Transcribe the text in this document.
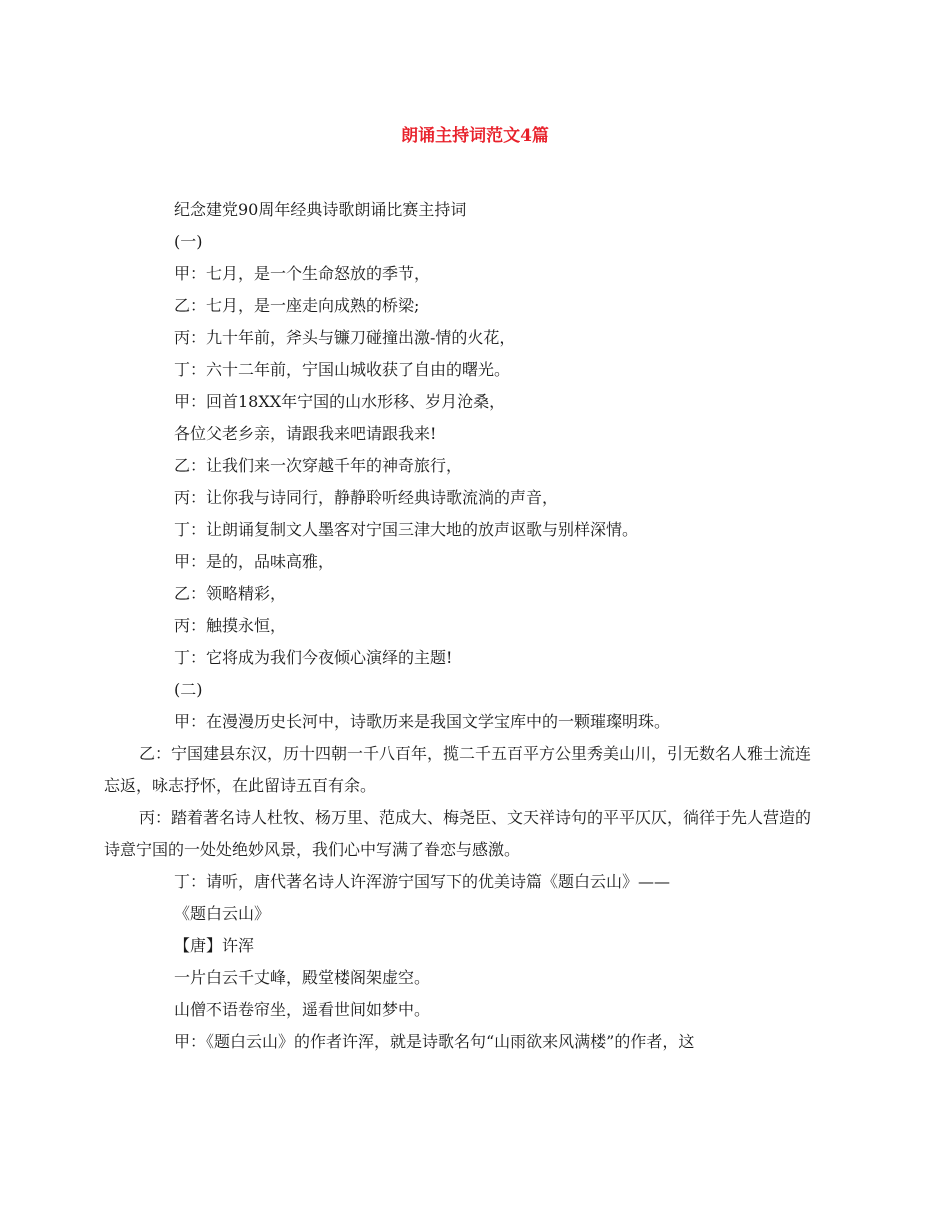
朗诵主持词范文4篇

纪念建党90周年经典诗歌朗诵比赛主持词

(一)

甲：七月，是一个生命怒放的季节，

乙：七月，是一座走向成熟的桥梁;

丙：九十年前，斧头与镰刀碰撞出激-情的火花，

丁：六十二年前，宁国山城收获了自由的曙光。

甲：回首18XX年宁国的山水形移、岁月沧桑，

各位父老乡亲，请跟我来吧请跟我来!

乙：让我们来一次穿越千年的神奇旅行，

丙：让你我与诗同行，静静聆听经典诗歌流淌的声音，

丁：让朗诵复制文人墨客对宁国三津大地的放声讴歌与别样深情。

甲：是的，品味高雅，

乙：领略精彩，

丙：触摸永恒，

丁：它将成为我们今夜倾心演绎的主题!

(二)

甲：在漫漫历史长河中，诗歌历来是我国文学宝库中的一颗璀璨明珠。

乙：宁国建县东汉，历十四朝一千八百年，揽二千五百平方公里秀美山川，引无数名人雅士流连忘返，咏志抒怀，在此留诗五百有余。

丙：踏着著名诗人杜牧、杨万里、范成大、梅尧臣、文天祥诗句的平平仄仄，徜徉于先人营造的诗意宁国的一处处绝妙风景，我们心中写满了眷恋与感激。

丁：请听，唐代著名诗人许浑游宁国写下的优美诗篇《题白云山》——

《题白云山》

【唐】许浑

一片白云千丈峰，殿堂楼阁架虚空。

山僧不语卷帘坐，遥看世间如梦中。

甲：《题白云山》的作者许浑，就是诗歌名句“山雨欲来风满楼”的作者，这
